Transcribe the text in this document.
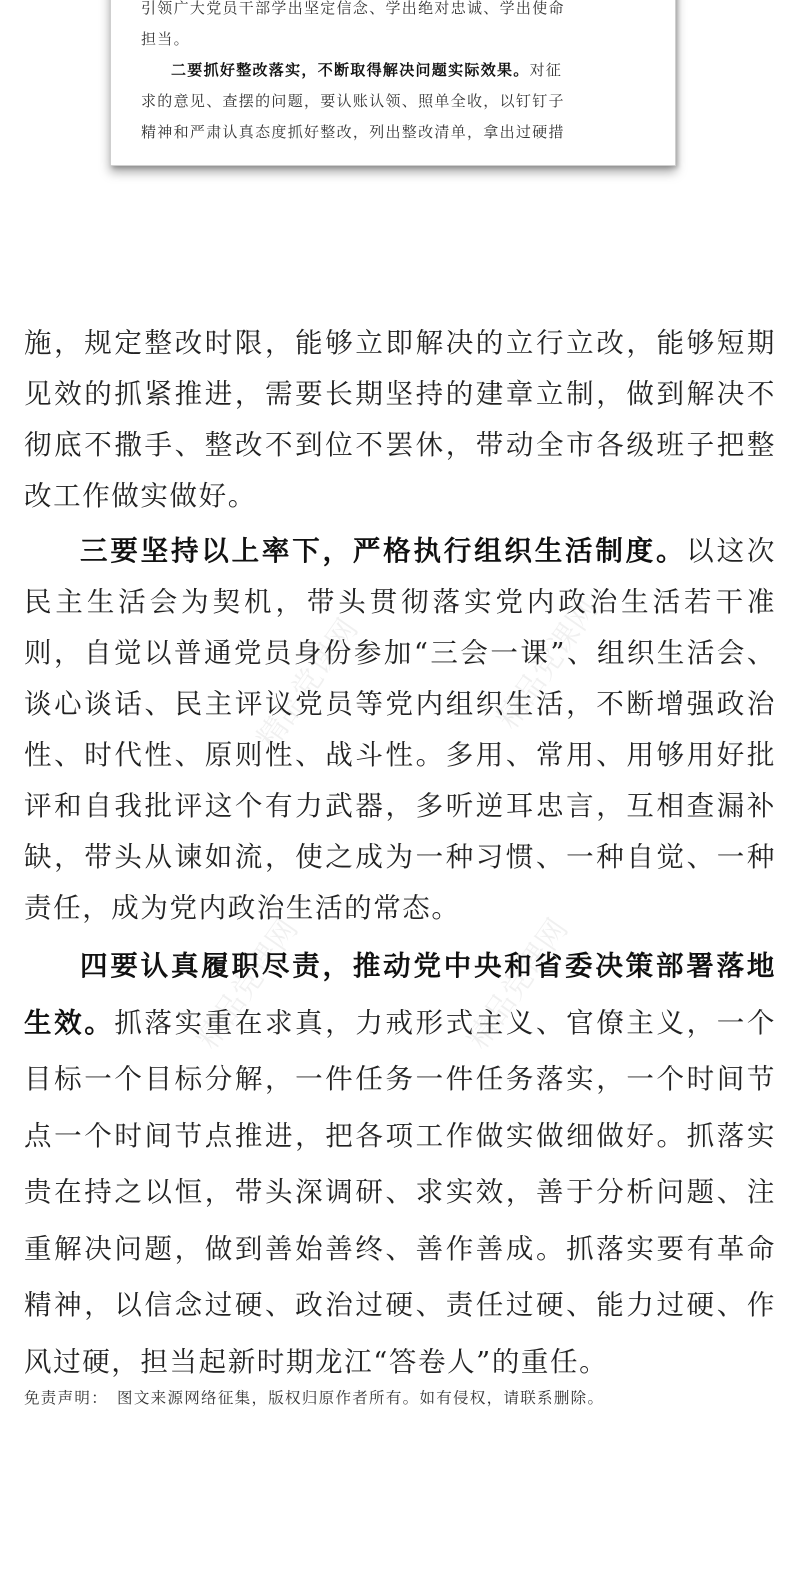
精品党课网	精品党课网
精品党课网	精品党课网

引领广大党员干部学出坚定信念、学出绝对忠诚、学出使命

担当。

二要抓好整改落实，不断取得解决问题实际效果。对征

求的意见、查摆的问题，要认账认领、照单全收，以钉钉子

精神和严肃认真态度抓好整改，列出整改清单，拿出过硬措

施，规定整改时限，能够立即解决的立行立改，能够短期见效的抓紧推进，需要长期坚持的建章立制，做到解决不彻底不撒手、整改不到位不罢休，带动全市各级班子把整改工作做实做好。

三要坚持以上率下，严格执行组织生活制度。以这次民主生活会为契机，带头贯彻落实党内政治生活若干准则，自觉以普通党员身份参加“三会一课”、组织生活会、谈心谈话、民主评议党员等党内组织生活，不断增强政治性、时代性、原则性、战斗性。多用、常用、用够用好批评和自我批评这个有力武器，多听逆耳忠言，互相查漏补缺，带头从谏如流，使之成为一种习惯、一种自觉、一种责任，成为党内政治生活的常态。

四要认真履职尽责，推动党中央和省委决策部署落地生效。抓落实重在求真，力戒形式主义、官僚主义，一个目标一个目标分解，一件任务一件任务落实，一个时间节点一个时间节点推进，把各项工作做实做细做好。抓落实贵在持之以恒，带头深调研、求实效，善于分析问题、注重解决问题，做到善始善终、善作善成。抓落实要有革命精神，以信念过硬、政治过硬、责任过硬、能力过硬、作风过硬，担当起新时期龙江“答卷人”的重任。

免责声明：　图文来源网络征集，版权归原作者所有。如有侵权，请联系删除。
